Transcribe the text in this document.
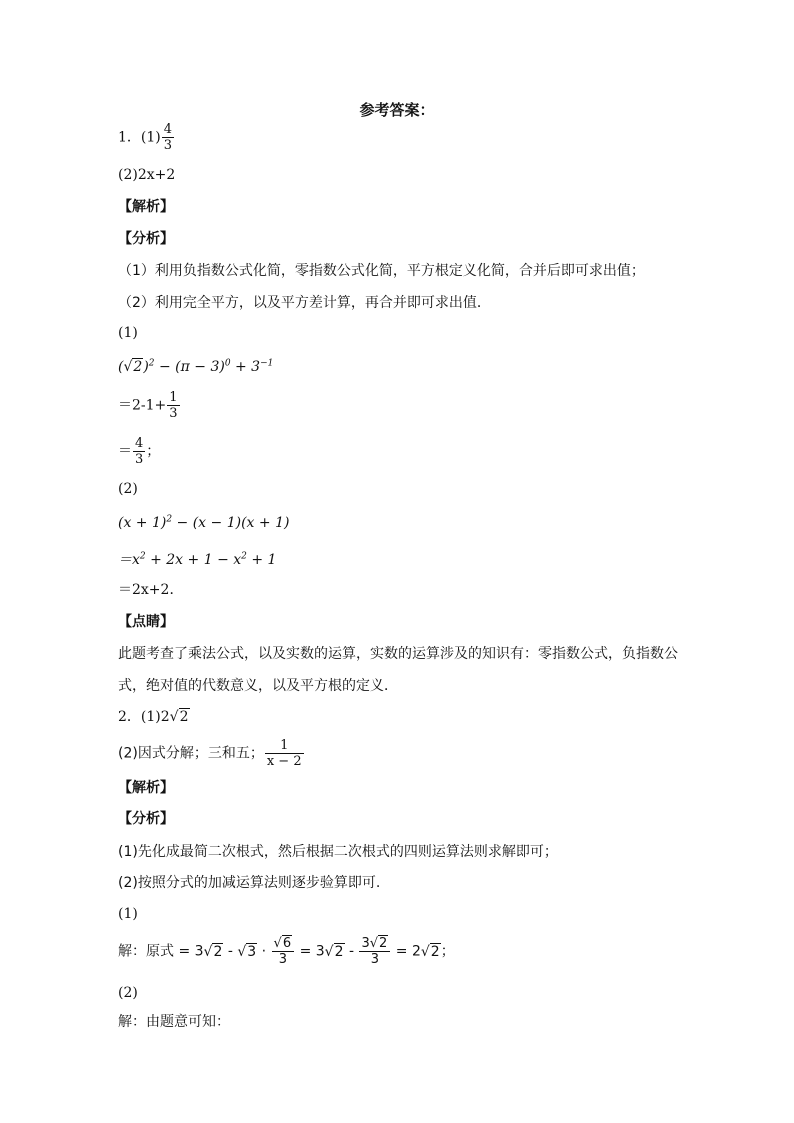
参考答案：
1．$(1) \frac{4}{3}$
(2)2x+2
【解析】
【分析】
（1）利用负指数公式化简，零指数公式化简，平方根定义化简，合并后即可求出值；
（2）利用完全平方，以及平方差计算，再合并即可求出值．
(1)
$(√2)^2 - (\pi - 3)^0 + 3^{-1}$
$=2-1+ \frac{1}{3}$
＝ $\frac{4}{3}$ ；
(2)
$(x + 1)^2 - (x - 1)(x + 1)$
$=x^2 + 2x + 1 - x^2 + 1$
＝2x+2．
【点睛】
此题考查了乘法公式，以及实数的运算，实数的运算涉及的知识有：零指数公式，负指数公
式，绝对值的代数意义，以及平方根的定义．
2．(1)2√2
(2)因式分解；三和五； $\frac{1}{x - 2}$
【解析】
【分析】
(1)先化成最简二次根式，然后根据二次根式的四则运算法则求解即可；
(2)按照分式的加减运算法则逐步验算即可.
(1)
解：原式 = $3√2 - √3 \cdot \frac{√6}{3} = 3√2 - \frac{3√2}{3} = 2√2$；
(2)
解：由题意可知：
